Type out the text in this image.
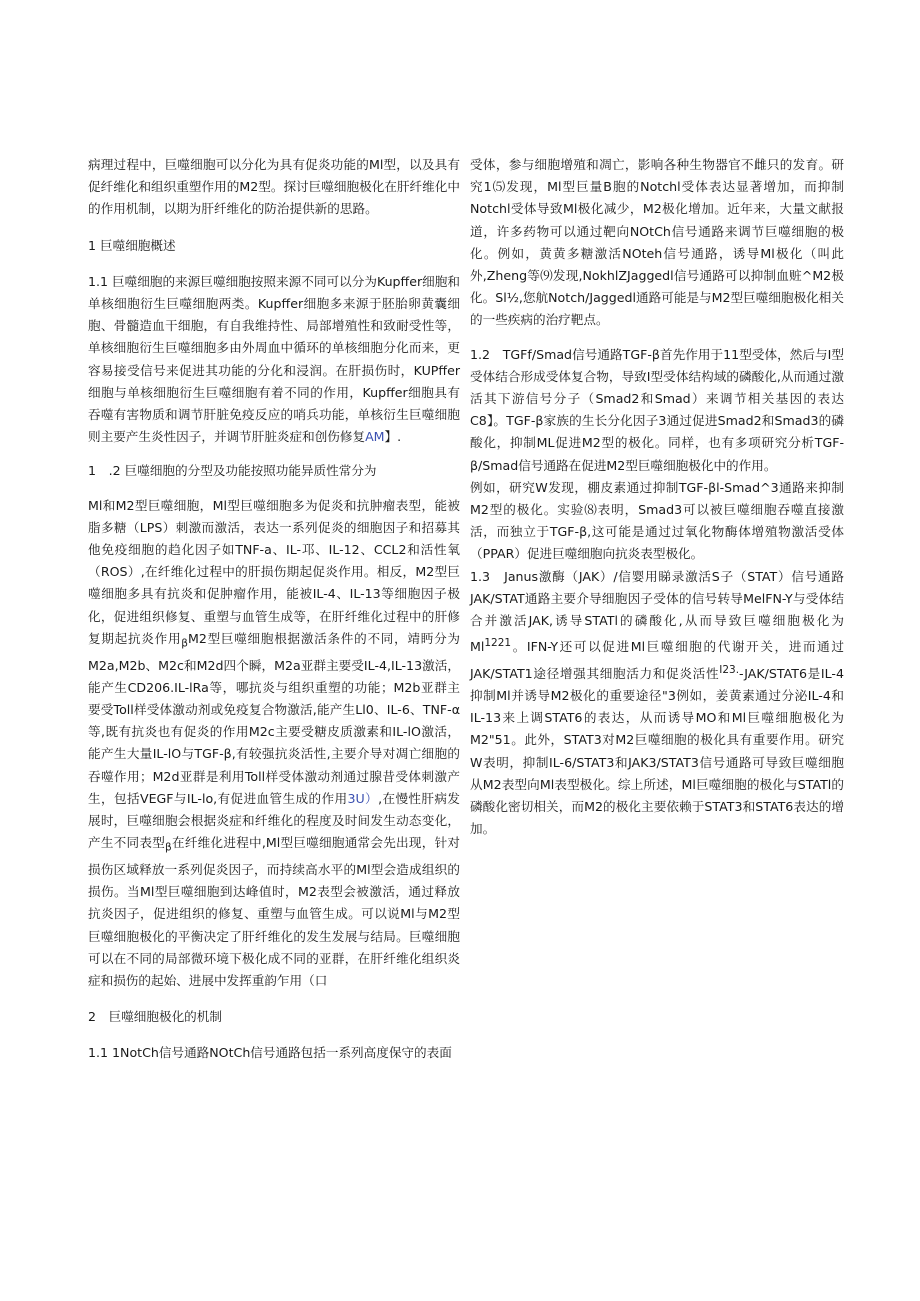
病理过程中，巨噬细胞可以分化为具有促炎功能的Ml型，以及具有促纤维化和组织重塑作用的M2型。探讨巨噬细胞极化在肝纤维化中的作用机制，以期为肝纤维化的防治提供新的思路。

1 巨噬细胞概述

1.1 巨噬细胞的来源巨噬细胞按照来源不同可以分为Kupffer细胞和单核细胞衍生巨噬细胞两类。Kupffer细胞多来源于胚胎卵黄囊细胞、骨髓造血干细胞，有自我维持性、局部增殖性和致耐受性等，单核细胞衍生巨噬细胞多由外周血中循环的单核细胞分化而来，更容易接受信号来促进其功能的分化和浸润。在肝损伤时，KUPffer细胞与单核细胞衍生巨噬细胞有着不同的作用，Kupffer细胞具有吞噬有害物质和调节肝脏免疫反应的哨兵功能，单核衍生巨噬细胞则主要产生炎性因子，并调节肝脏炎症和创伤修复AM】.

1　.2 巨噬细胞的分型及功能按照功能异质性常分为

Ml和M2型巨噬细胞，Ml型巨噬细胞多为促炎和抗肿瘤表型，能被脂多糖（LPS）刺激而激活，表达一系列促炎的细胞因子和招募其他免疫细胞的趋化因子如TNF-a、IL-邛、IL-12、CCL2和活性氧（ROS）,在纤维化过程中的肝损伤期起促炎作用。相反，M2型巨噬细胞多具有抗炎和促肿瘤作用，能被IL-4、IL-13等细胞因子极化，促进组织修复、重塑与血管生成等，在肝纤维化过程中的肝修复期起抗炎作用$_\beta$M2型巨噬细胞根据激活条件的不同，靖眄分为M2a,M2b、M2c和M2d四个瞬，M2a亚群主要受IL-4,IL-13激活，能产生CD206.IL-lRa等，哪抗炎与组织重塑的功能；M2b亚群主要受Toll样受体激动剂或免疫复合物激活,能产生Ll0、IL-6、TNF-α等,既有抗炎也有促炎的作用M2c主要受糖皮质激素和IL-lO激活，能产生大量IL-lO与TGF-β,有较强抗炎活性,主要介导对凋亡细胞的吞噬作用；M2d亚群是利用Toll样受体激动剂通过腺昔受体刺激产生，包括VEGF与IL-lo,有促进血管生成的作用3U）,在慢性肝病发展时，巨噬细胞会根据炎症和纤维化的程度及时间发生动态变化，产生不同表型$_\beta$在纤维化进程中,Ml型巨噬细胞通常会先出现，针对损伤区域释放一系列促炎因子，而持续高水平的Ml型会造成组织的损伤。当Ml型巨噬细胞到达峰值时，M2表型会被激活，通过释放抗炎因子，促进组织的修复、重塑与血管生成。可以说Ml与M2型巨噬细胞极化的平衡决定了肝纤维化的发生发展与结局。巨噬细胞可以在不同的局部微环境下极化成不同的亚群，在肝纤维化组织炎症和损伤的起始、进展中发挥重韵乍用（口

2　巨噬细胞极化的机制

1.1 1NotCh信号通路NOtCh信号通路包括一系列高度保守的表面

受体，参与细胞增殖和凋亡，影响各种生物器官不雌只的发育。研究1⑸发现，Ml型巨量B胞的Notchl受体表达显著增加，而抑制Notchl受体导致Ml极化减少，M2极化增加。近年来，大量文献报道，许多药物可以通过靶向NOtCh信号通路来调节巨噬细胞的极化。例如，黄黄多糖激活NOteh信号通路，诱导Ml极化（叫此外,Zheng等⑼发现,NokhlZJaggedl信号通路可以抑制血赃^M2极化。Sl½,您航Notch/Jaggedl通路可能是与M2型巨噬细胞极化相关的一些疾病的治疗靶点。

1.2　TGFf/Smad信号通路TGF-β首先作用于11型受体，然后与I型受体结合形成受体复合物，导致I型受体结构域的磷酸化,从而通过激活其下游信号分子（Smad2和Smad）来调节相关基因的表达C8】。TGF-β家族的生长分化因子3通过促进Smad2和Smad3的磷酸化，抑制ML促进M2型的极化。同样，也有多项研究分析TGF-β∕Smad信号通路在促进M2型巨噬细胞极化中的作用。

例如，研究W发现，棚皮素通过抑制TGF-βl-Smad^3通路来抑制M2型的极化。实验⑻表明，Smad3可以被巨噬细胞吞噬直接激活，而独立于TGF-β,这可能是通过过氧化物酶体增殖物激活受体（PPAR）促进巨噬细胞向抗炎表型极化。

1.3　Janus激酶（JAK）/信婴用睇录激活S子（STAT）信号通路JAK/STAT通路主要介导细胞因子受体的信号转导MelFN-Y与受体结合并激活JAK,诱导STATl的磷酸化,从而导致巨噬细胞极化为$Ml^{1221}$。IFN-Y还可以促进Ml巨噬细胞的代谢开关，进而通过JAK/STAT1途径增强其细胞活力和促炎活性$^{I23.}$-JAK/STAT6是IL-4抑制Ml并诱导M2极化的重要途径"3例如，姜黄素通过分泌IL-4和IL-13来上调STAT6的表达，从而诱导MO和Ml巨噬细胞极化为M2"51。此外，STAT3对M2巨噬细胞的极化具有重要作用。研究W表明，抑制IL-6∕STAT3和JAK3/STAT3信号通路可导致巨噬细胞从M2表型向Ml表型极化。综上所述，Ml巨噬细胞的极化与STATl的磷酸化密切相关，而M2的极化主要依赖于STAT3和STAT6表达的增加。
